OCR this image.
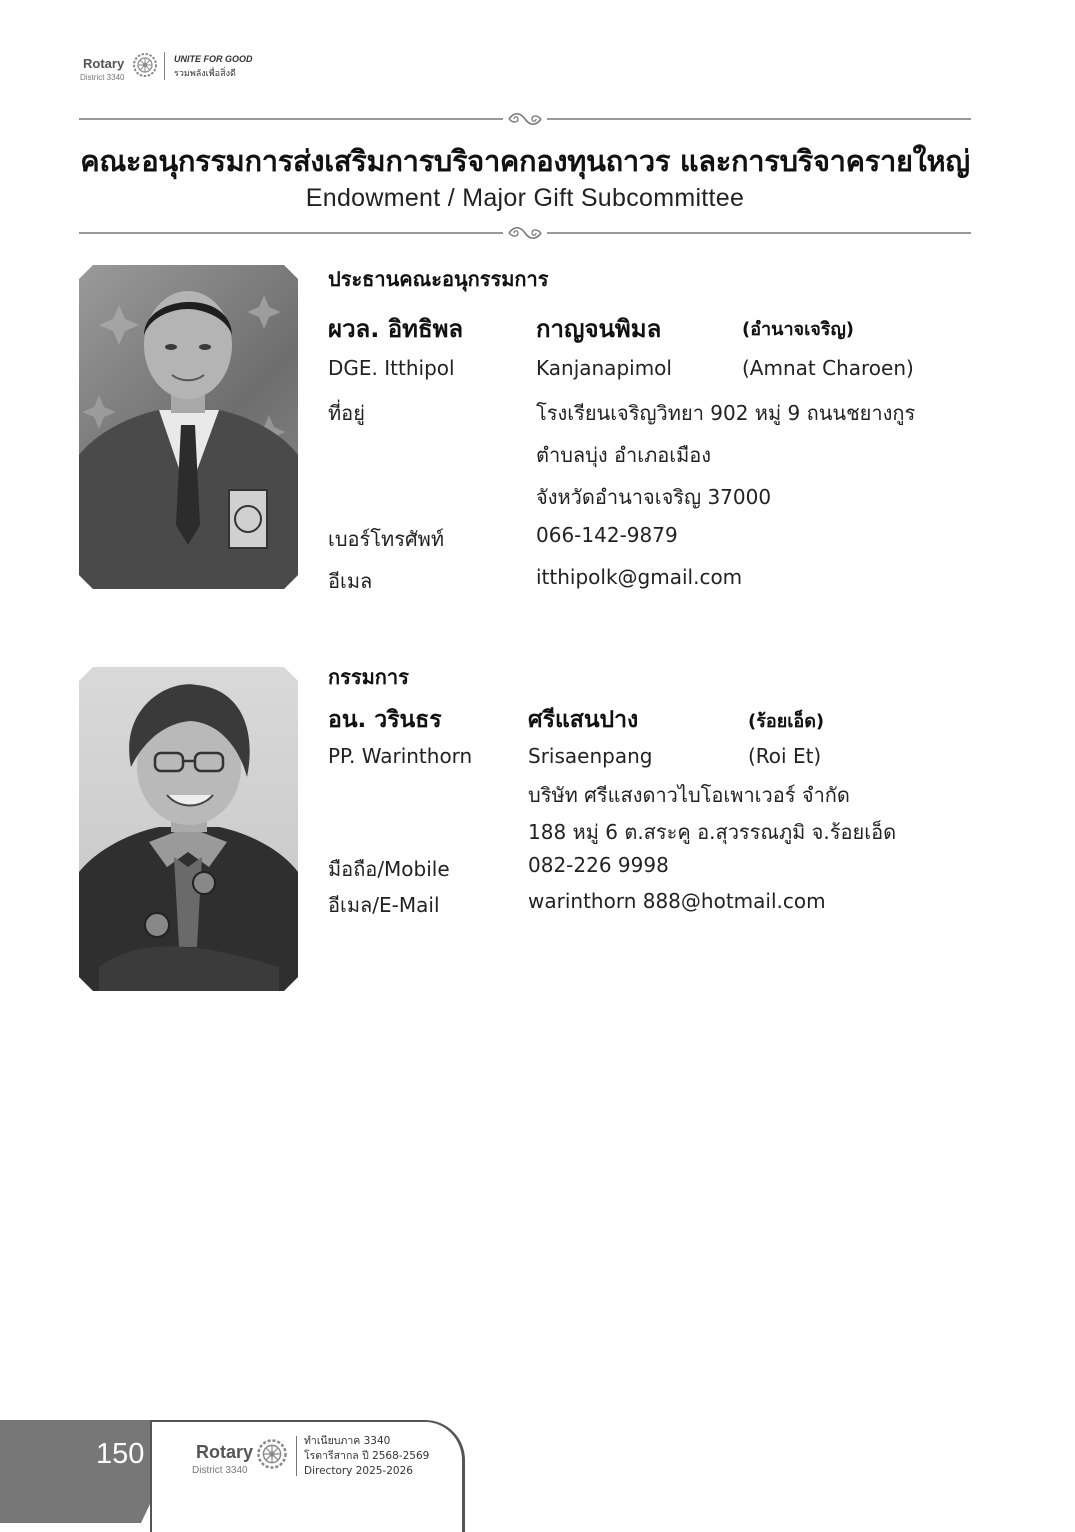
Rotary
District 3340
UNITE FOR GOOD
รวมพลังเพื่อสิ่งดี
คณะอนุกรรมการส่งเสริมการบริจาคกองทุนถาวร และการบริจาครายใหญ่
Endowment / Major Gift Subcommittee
ประธานคณะอนุกรรมการ
ผวล. อิทธิพล	กาญจนพิมล	(อำนาจเจริญ)
DGE. Itthipol	Kanjanapimol	(Amnat Charoen)
ที่อยู่	โรงเรียนเจริญวิทยา 902 หมู่ 9 ถนนชยางกูร
ตำบลบุ่ง อำเภอเมือง
จังหวัดอำนาจเจริญ 37000
เบอร์โทรศัพท์	066-142-9879
อีเมล	itthipolk@gmail.com
กรรมการ
อน. วรินธร	ศรีแสนปาง	(ร้อยเอ็ด)
PP. Warinthorn	Srisaenpang	(Roi Et)
บริษัท ศรีแสงดาวไบโอเพาเวอร์ จำกัด
188 หมู่ 6 ต.สระคู อ.สุวรรณภูมิ จ.ร้อยเอ็ด
มือถือ/Mobile	082-226 9998
อีเมล/E-Mail	warinthorn 888@hotmail.com
150	Rotary
District 3340
ทำเนียบภาค 3340
โรตารีสากล ปี 2568-2569
Directory 2025-2026
